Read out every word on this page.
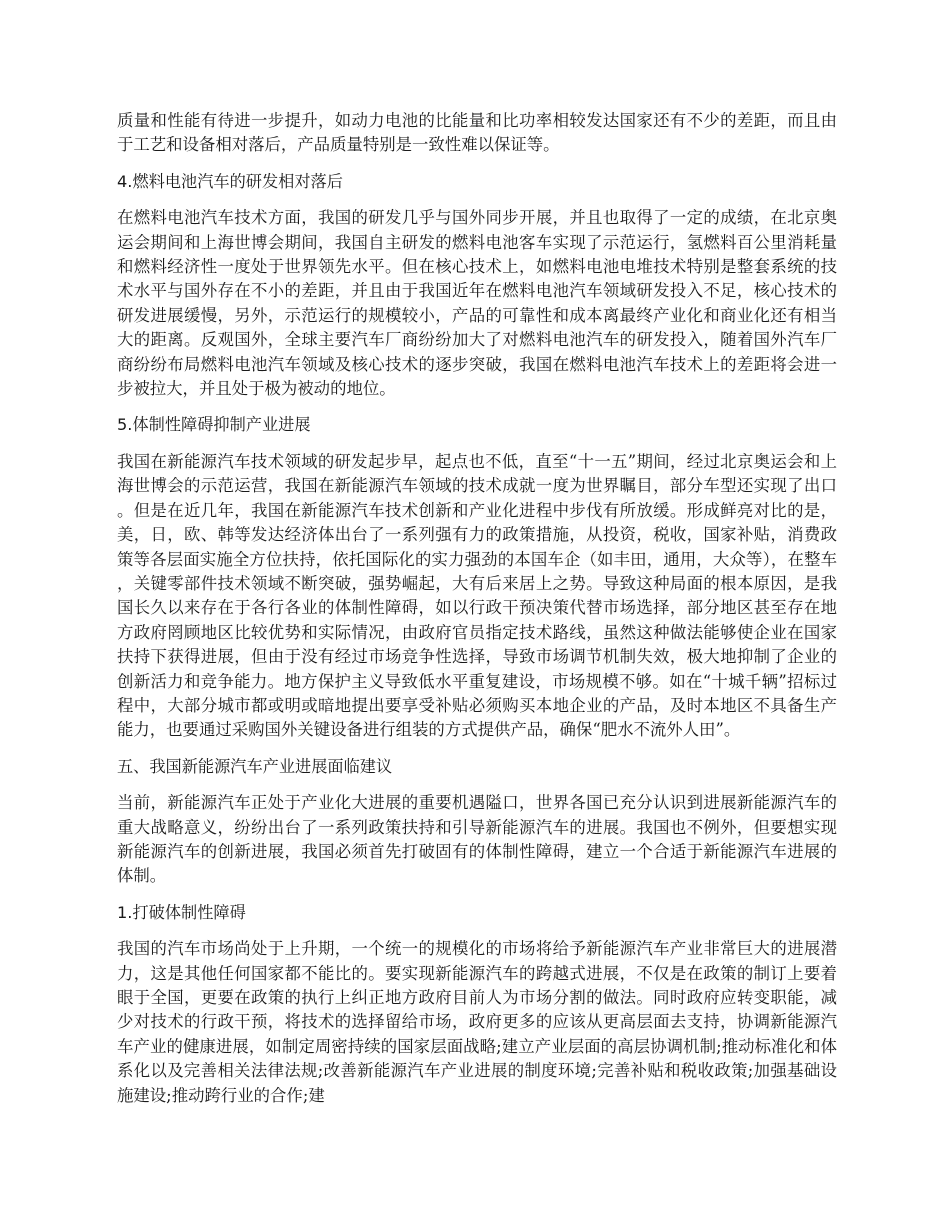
质量和性能有待进一步提升，如动力电池的比能量和比功率相较发达国家还有不少的差距，而且由于工艺和设备相对落后，产品质量特别是一致性难以保证等。

4.燃料电池汽车的研发相对落后

在燃料电池汽车技术方面，我国的研发几乎与国外同步开展，并且也取得了一定的成绩，在北京奥运会期间和上海世博会期间，我国自主研发的燃料电池客车实现了示范运行，氢燃料百公里消耗量和燃料经济性一度处于世界领先水平。但在核心技术上，如燃料电池电堆技术特别是整套系统的技术水平与国外存在不小的差距，并且由于我国近年在燃料电池汽车领域研发投入不足，核心技术的研发进展缓慢，另外，示范运行的规模较小，产品的可靠性和成本离最终产业化和商业化还有相当大的距离。反观国外，全球主要汽车厂商纷纷加大了对燃料电池汽车的研发投入，随着国外汽车厂商纷纷布局燃料电池汽车领域及核心技术的逐步突破，我国在燃料电池汽车技术上的差距将会进一步被拉大，并且处于极为被动的地位。

5.体制性障碍抑制产业进展

我国在新能源汽车技术领域的研发起步早，起点也不低，直至“十一五”期间，经过北京奥运会和上海世博会的示范运营，我国在新能源汽车领域的技术成就一度为世界瞩目，部分车型还实现了出口。但是在近几年，我国在新能源汽车技术创新和产业化进程中步伐有所放缓。形成鲜亮对比的是，美，日，欧、韩等发达经济体出台了一系列强有力的政策措施，从投资，税收，国家补贴，消费政策等各层面实施全方位扶持，依托国际化的实力强劲的本国车企（如丰田，通用，大众等），在整车，关键零部件技术领域不断突破，强势崛起，大有后来居上之势。导致这种局面的根本原因，是我国长久以来存在于各行各业的体制性障碍，如以行政干预决策代替市场选择，部分地区甚至存在地方政府罔顾地区比较优势和实际情况，由政府官员指定技术路线，虽然这种做法能够使企业在国家扶持下获得进展，但由于没有经过市场竞争性选择，导致市场调节机制失效，极大地抑制了企业的创新活力和竞争能力。地方保护主义导致低水平重复建设，市场规模不够。如在“十城千辆”招标过程中，大部分城市都或明或暗地提出要享受补贴必须购买本地企业的产品，及时本地区不具备生产能力，也要通过采购国外关键设备进行组装的方式提供产品，确保“肥水不流外人田”。

五、我国新能源汽车产业进展面临建议

当前，新能源汽车正处于产业化大进展的重要机遇隘口，世界各国已充分认识到进展新能源汽车的重大战略意义，纷纷出台了一系列政策扶持和引导新能源汽车的进展。我国也不例外，但要想实现新能源汽车的创新进展，我国必须首先打破固有的体制性障碍，建立一个合适于新能源汽车进展的体制。

1.打破体制性障碍

我国的汽车市场尚处于上升期，一个统一的规模化的市场将给予新能源汽车产业非常巨大的进展潜力，这是其他任何国家都不能比的。要实现新能源汽车的跨越式进展，不仅是在政策的制订上要着眼于全国，更要在政策的执行上纠正地方政府目前人为市场分割的做法。同时政府应转变职能，减少对技术的行政干预，将技术的选择留给市场，政府更多的应该从更高层面去支持，协调新能源汽车产业的健康进展，如制定周密持续的国家层面战略;建立产业层面的高层协调机制;推动标准化和体系化以及完善相关法律法规;改善新能源汽车产业进展的制度环境;完善补贴和税收政策;加强基础设施建设;推动跨行业的合作;建
